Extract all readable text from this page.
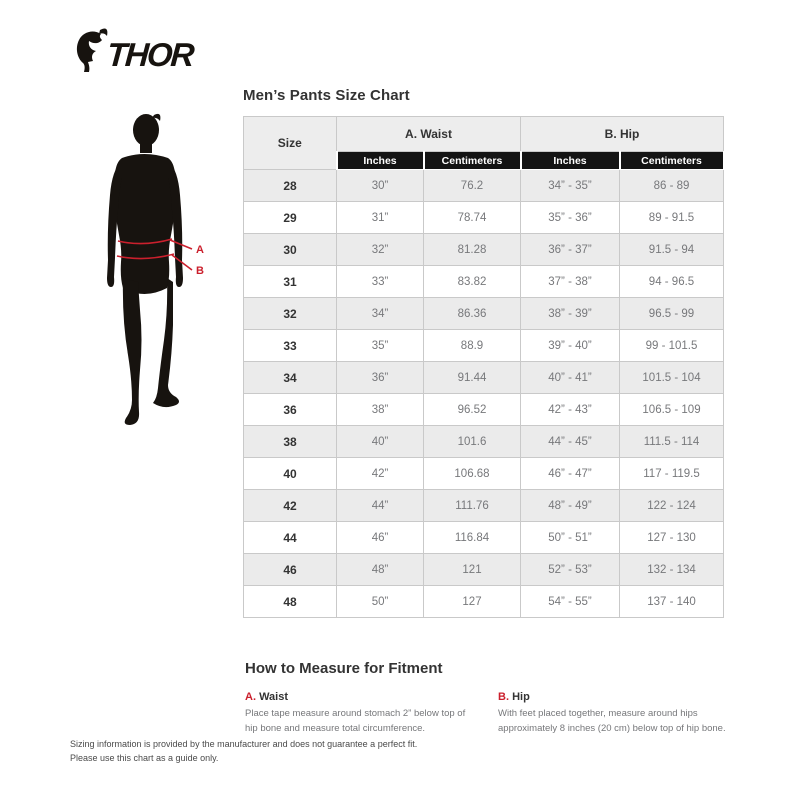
THOR
A
B
Men’s Pants Size Chart
Size	A. Waist		B. Hip	
	Inches	Centimeters	Inches	Centimeters
28	30”	76.2	34” - 35”	86 - 89
29	31”	78.74	35” - 36”	89 - 91.5
30	32”	81.28	36” - 37”	91.5 - 94
31	33”	83.82	37” - 38”	94 - 96.5
32	34”	86.36	38” - 39”	96.5 - 99
33	35”	88.9	39” - 40”	99 - 101.5
34	36”	91.44	40” - 41”	101.5 - 104
36	38”	96.52	42” - 43”	106.5 - 109
38	40”	101.6	44” - 45”	111.5 - 114
40	42”	106.68	46” - 47”	117 - 119.5
42	44”	111.76	48” - 49”	122 - 124
44	46”	116.84	50” - 51”	127 - 130
46	48”	121	52” - 53”	132 - 134
48	50”	127	54” - 55”	137 - 140
How to Measure for Fitment
A. Waist

Place tape measure around stomach 2” below top of hip bone and measure total circumference.

B. Hip

With feet placed together, measure around hips approximately 8 inches (20 cm) below top of hip bone.

Sizing information is provided by the manufacturer and does not guarantee a perfect fit.
Please use this chart as a guide only.
